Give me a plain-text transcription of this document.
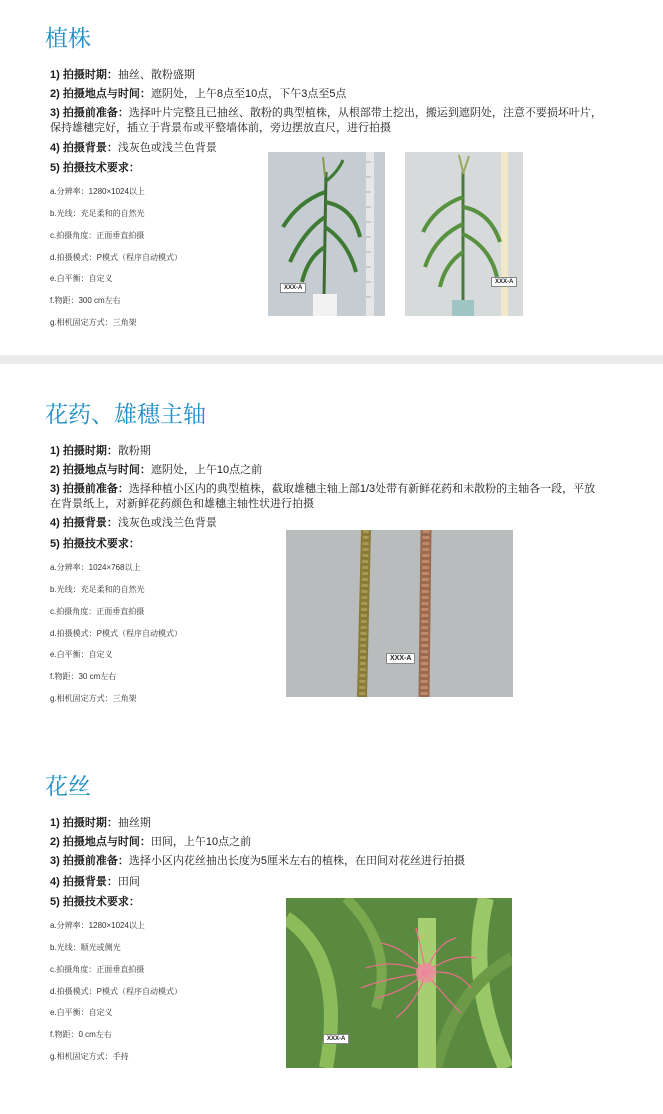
植株
1) 拍摄时期：抽丝、散粉盛期
2) 拍摄地点与时间：遮阴处，上午8点至10点，下午3点至5点
3) 拍摄前准备：选择叶片完整且已抽丝、散粉的典型植株，从根部带土挖出，搬运到遮阴处，注意不要损坏叶片，保持雄穗完好，插立于背景布或平整墙体前，旁边摆放直尺，进行拍摄
4) 拍摄背景：浅灰色或浅兰色背景
5) 拍摄技术要求：
a.分辨率：1280×1024以上
b.光线：充足柔和的自然光
c.拍摄角度：正面垂直拍摄
d.拍摄模式：P模式（程序自动模式）
e.白平衡：自定义
f.物距：300 cm左右
g.相机固定方式：三角架
XXX-A
XXX-A
花药、雄穗主轴
1) 拍摄时期：散粉期
2) 拍摄地点与时间：遮阴处，上午10点之前
3) 拍摄前准备：选择种植小区内的典型植株，截取雄穗主轴上部1/3处带有新鲜花药和未散粉的主轴各一段，平放在背景纸上，对新鲜花药颜色和雄穗主轴性状进行拍摄
4) 拍摄背景：浅灰色或浅兰色背景
5) 拍摄技术要求：
a.分辨率：1024×768以上
b.光线：充足柔和的自然光
c.拍摄角度：正面垂直拍摄
d.拍摄模式：P模式（程序自动模式）
e.白平衡：自定义
f.物距：30 cm左右
g.相机固定方式：三角架
XXX-A
花丝
1) 拍摄时期：抽丝期
2) 拍摄地点与时间：田间，上午10点之前
3) 拍摄前准备：选择小区内花丝抽出长度为5厘米左右的植株，在田间对花丝进行拍摄
4) 拍摄背景：田间
5) 拍摄技术要求：
a.分辨率：1280×1024以上
b.光线：顺光或侧光
c.拍摄角度：正面垂直拍摄
d.拍摄模式：P模式（程序自动模式）
e.白平衡：自定义
f.物距：0 cm左右
g.相机固定方式：手持
XXX-A
